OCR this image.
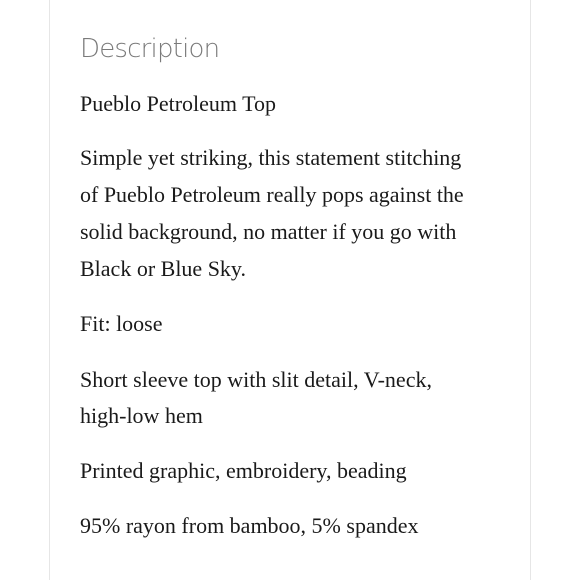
Description

Pueblo Petroleum Top

Simple yet striking, this statement stitching

of Pueblo Petroleum really pops against the

solid background, no matter if you go with

Black or Blue Sky.

Fit: loose

Short sleeve top with slit detail, V-neck,

high-low hem

Printed graphic, embroidery, beading

95% rayon from bamboo, 5% spandex
